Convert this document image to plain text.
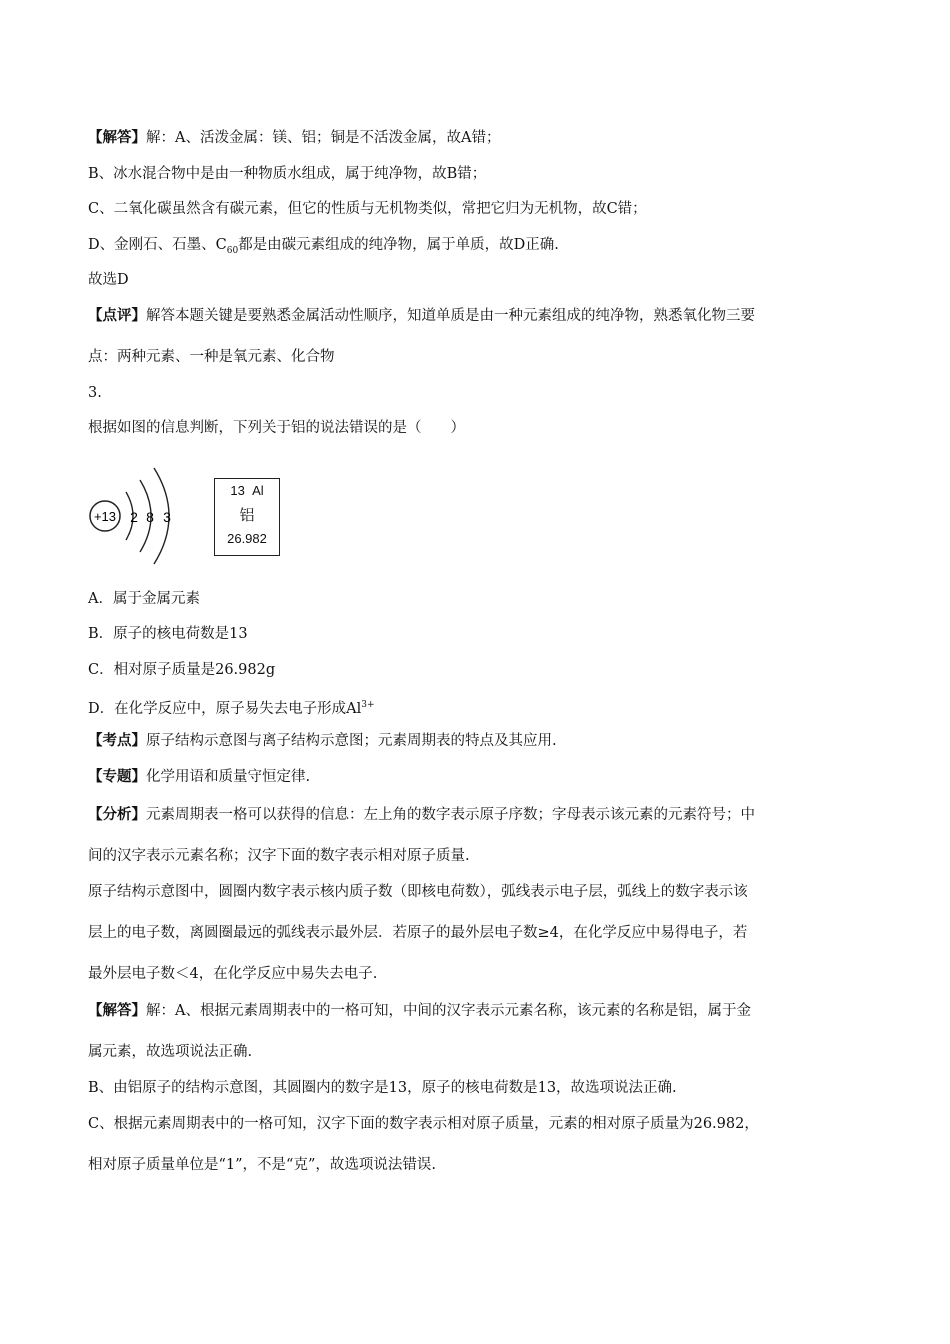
【解答】解：A、活泼金属：镁、铝；铜是不活泼金属，故A错；
B、冰水混合物中是由一种物质水组成，属于纯净物，故B错；
C、二氧化碳虽然含有碳元素，但它的性质与无机物类似，常把它归为无机物，故C错；
D、金刚石、石墨、$C_{60}$都是由碳元素组成的纯净物，属于单质，故D正确.
故选D
【点评】解答本题关键是要熟悉金属活动性顺序，知道单质是由一种元素组成的纯净物，熟悉氧化物三要
点：两种元素、一种是氧元素、化合物
3.
根据如图的信息判断，下列关于铝的说法错误的是（　　）
+13 2 8 3
13 Al
铝
26.982
A．属于金属元素
B．原子的核电荷数是13
C．相对原子质量是26.982g
D．在化学反应中，原子易失去电子形成$Al^{3+}$
【考点】原子结构示意图与离子结构示意图；元素周期表的特点及其应用.
【专题】化学用语和质量守恒定律.
【分析】元素周期表一格可以获得的信息：左上角的数字表示原子序数；字母表示该元素的元素符号；中
间的汉字表示元素名称；汉字下面的数字表示相对原子质量.
原子结构示意图中，圆圈内数字表示核内质子数（即核电荷数），弧线表示电子层，弧线上的数字表示该
层上的电子数，离圆圈最远的弧线表示最外层．若原子的最外层电子数≥4，在化学反应中易得电子，若
最外层电子数＜4，在化学反应中易失去电子.
【解答】解：A、根据元素周期表中的一格可知，中间的汉字表示元素名称，该元素的名称是铝，属于金
属元素，故选项说法正确.
B、由铝原子的结构示意图，其圆圈内的数字是13，原子的核电荷数是13，故选项说法正确.
C、根据元素周期表中的一格可知，汉字下面的数字表示相对原子质量，元素的相对原子质量为26.982，
相对原子质量单位是“1”，不是“克”，故选项说法错误.
